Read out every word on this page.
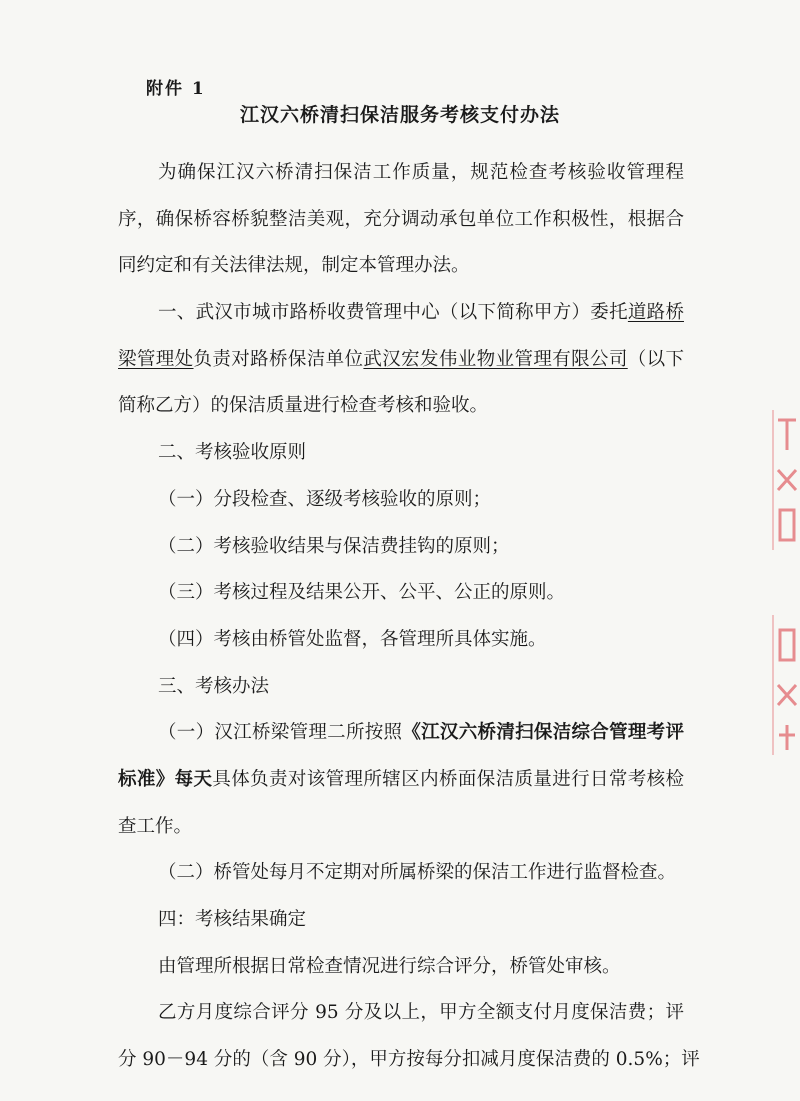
附件 1
江汉六桥清扫保洁服务考核支付办法
为确保江汉六桥清扫保洁工作质量，规范检查考核验收管理程
序，确保桥容桥貌整洁美观，充分调动承包单位工作积极性，根据合
同约定和有关法律法规，制定本管理办法。
一、武汉市城市路桥收费管理中心（以下简称甲方）委托道路桥
梁管理处负责对路桥保洁单位武汉宏发伟业物业管理有限公司（以下
简称乙方）的保洁质量进行检查考核和验收。
二、考核验收原则
（一）分段检查、逐级考核验收的原则；
（二）考核验收结果与保洁费挂钩的原则；
（三）考核过程及结果公开、公平、公正的原则。
（四）考核由桥管处监督，各管理所具体实施。
三、考核办法
（一）汉江桥梁管理二所按照《江汉六桥清扫保洁综合管理考评
标准》每天具体负责对该管理所辖区内桥面保洁质量进行日常考核检
查工作。
（二）桥管处每月不定期对所属桥梁的保洁工作进行监督检查。
四：考核结果确定
由管理所根据日常检查情况进行综合评分，桥管处审核。
乙方月度综合评分 95 分及以上，甲方全额支付月度保洁费；评
分 90－94 分的（含 90 分），甲方按每分扣减月度保洁费的 0.5%；评
